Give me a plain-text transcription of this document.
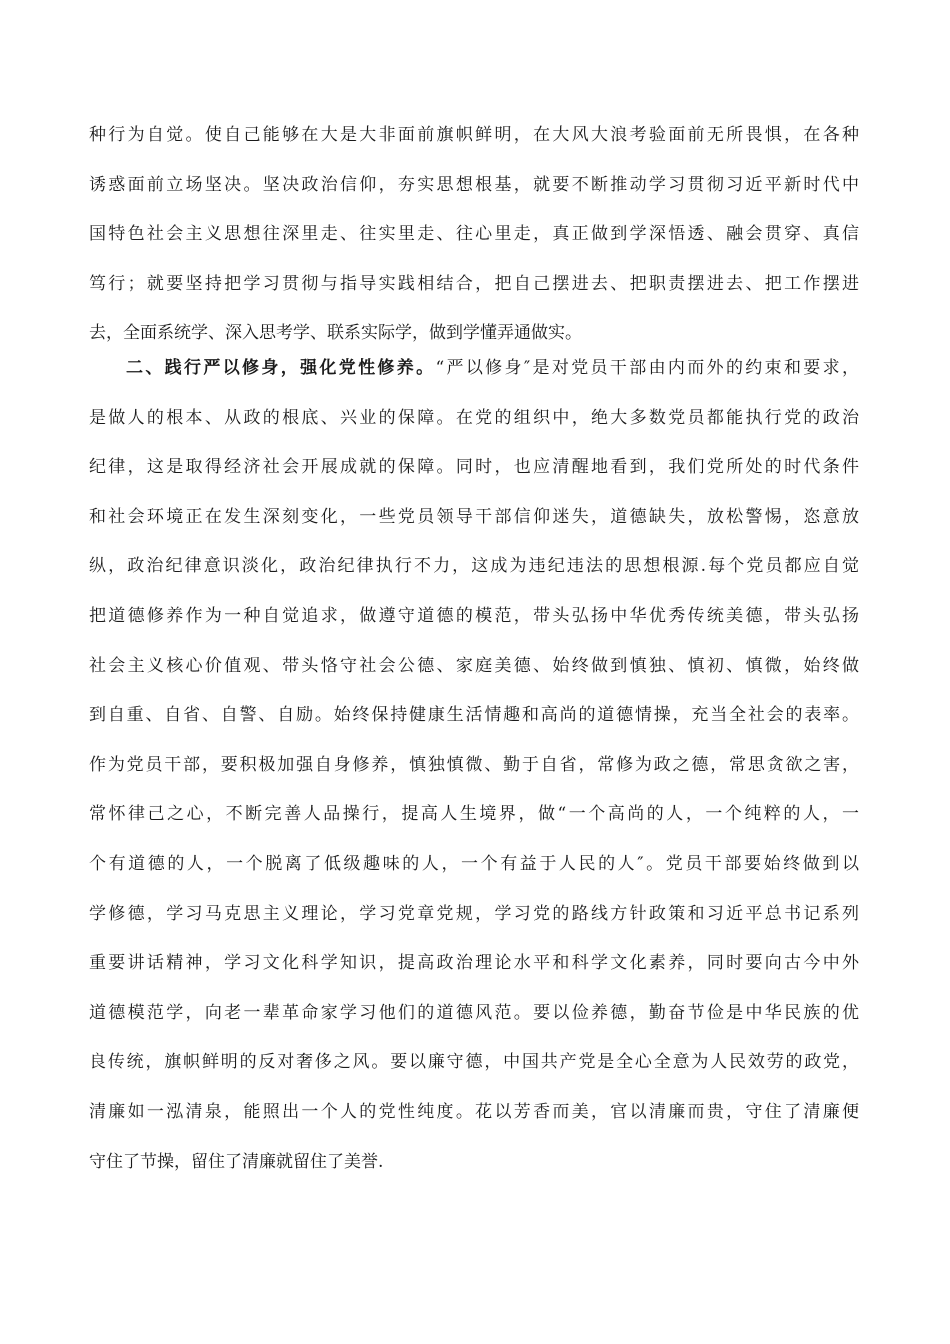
种行为自觉。使自己能够在大是大非面前旗帜鲜明，在大风大浪考验面前无所畏惧，在各种
诱惑面前立场坚决。坚决政治信仰，夯实思想根基，就要不断推动学习贯彻习近平新时代中
国特色社会主义思想往深里走、往实里走、往心里走，真正做到学深悟透、融会贯穿、真信
笃行；就要坚持把学习贯彻与指导实践相结合，把自己摆进去、把职责摆进去、把工作摆进
去，全面系统学、深入思考学、联系实际学，做到学懂弄通做实。
二、践行严以修身，强化党性修养。“严以修身″是对党员干部由内而外的约束和要求，
是做人的根本、从政的根底、兴业的保障。在党的组织中，绝大多数党员都能执行党的政治
纪律，这是取得经济社会开展成就的保障。同时，也应清醒地看到，我们党所处的时代条件
和社会环境正在发生深刻变化，一些党员领导干部信仰迷失，道德缺失，放松警惕，恣意放
纵，政治纪律意识淡化，政治纪律执行不力，这成为违纪违法的思想根源.每个党员都应自觉
把道德修养作为一种自觉追求，做遵守道德的模范，带头弘扬中华优秀传统美德，带头弘扬
社会主义核心价值观、带头恪守社会公德、家庭美德、始终做到慎独、慎初、慎微，始终做
到自重、自省、自警、自励。始终保持健康生活情趣和高尚的道德情操，充当全社会的表率。
作为党员干部，要积极加强自身修养，慎独慎微、勤于自省，常修为政之德，常思贪欲之害，
常怀律己之心，不断完善人品操行，提高人生境界，做“一个高尚的人，一个纯粹的人，一
个有道德的人，一个脱离了低级趣味的人，一个有益于人民的人″。党员干部要始终做到以
学修德，学习马克思主义理论，学习党章党规，学习党的路线方针政策和习近平总书记系列
重要讲话精神，学习文化科学知识，提高政治理论水平和科学文化素养，同时要向古今中外
道德模范学，向老一辈革命家学习他们的道德风范。要以俭养德，勤奋节俭是中华民族的优
良传统，旗帜鲜明的反对奢侈之风。要以廉守德，中国共产党是全心全意为人民效劳的政党，
清廉如一泓清泉，能照出一个人的党性纯度。花以芳香而美，官以清廉而贵，守住了清廉便
守住了节操，留住了清廉就留住了美誉.
